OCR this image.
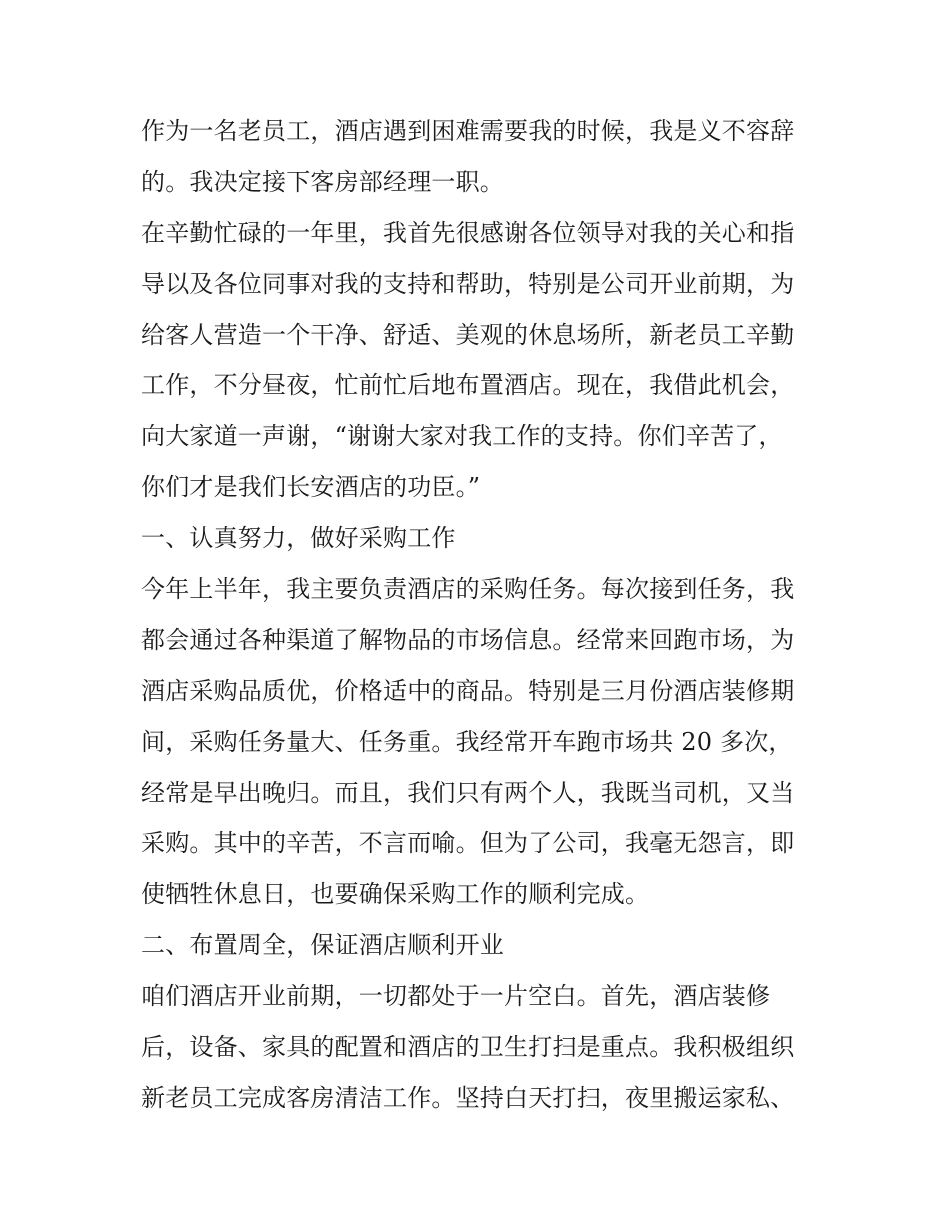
作为一名老员工，酒店遇到困难需要我的时候，我是义不容辞
的。我决定接下客房部经理一职。
在辛勤忙碌的一年里，我首先很感谢各位领导对我的关心和指
导以及各位同事对我的支持和帮助，特别是公司开业前期，为
给客人营造一个干净、舒适、美观的休息场所，新老员工辛勤
工作，不分昼夜，忙前忙后地布置酒店。现在，我借此机会，
向大家道一声谢，“谢谢大家对我工作的支持。你们辛苦了，
你们才是我们长安酒店的功臣。”
一、认真努力，做好采购工作
今年上半年，我主要负责酒店的采购任务。每次接到任务，我
都会通过各种渠道了解物品的市场信息。经常来回跑市场，为
酒店采购品质优，价格适中的商品。特别是三月份酒店装修期
间，采购任务量大、任务重。我经常开车跑市场共 20 多次，
经常是早出晚归。而且，我们只有两个人，我既当司机，又当
采购。其中的辛苦，不言而喻。但为了公司，我毫无怨言，即
使牺牲休息日，也要确保采购工作的顺利完成。
二、布置周全，保证酒店顺利开业
咱们酒店开业前期，一切都处于一片空白。首先，酒店装修
后，设备、家具的配置和酒店的卫生打扫是重点。我积极组织
新老员工完成客房清洁工作。坚持白天打扫，夜里搬运家私、
